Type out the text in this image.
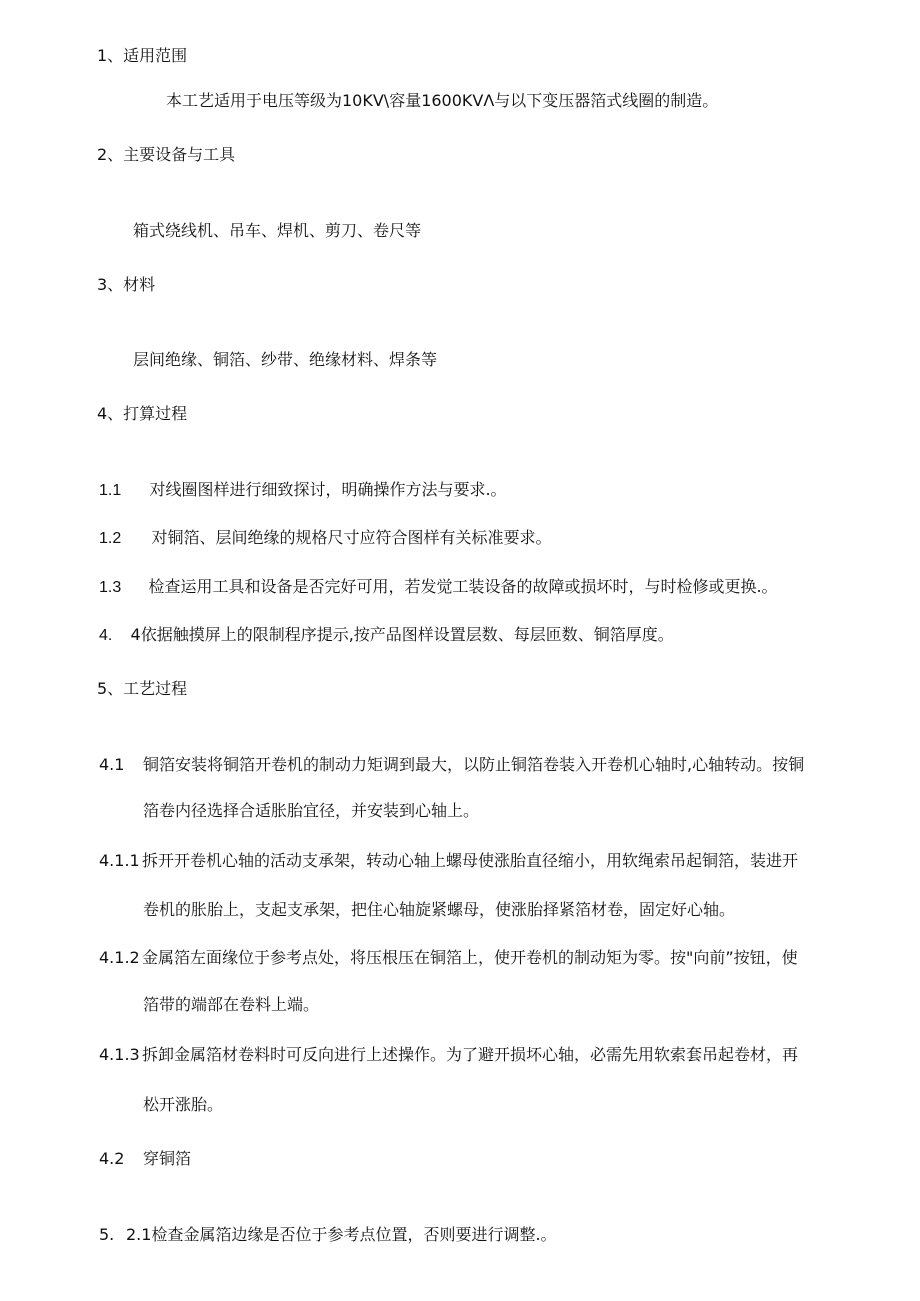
1、适用范围
本工艺适用于电压等级为10KV\容量1600KVΛ与以下变压器箔式线圈的制造。
2、主要设备与工具
箱式绕线机、吊车、焊机、剪刀、卷尺等
3、材料
层间绝缘、铜箔、纱带、绝缘材料、焊条等
4、打算过程
1.1 对线圈图样进行细致探讨，明确操作方法与要求.。
1.2 对铜箔、层间绝缘的规格尺寸应符合图样有关标准要求。
1.3 检查运用工具和设备是否完好可用，若发觉工装设备的故障或损坏时，与时检修或更换.。
4. 4依据触摸屏上的限制程序提示,按产品图样设置层数、每层匝数、铜箔厚度。
5、工艺过程
4.1 铜箔安装将铜箔开卷机的制动力矩调到最大，以防止铜箔卷装入开卷机心轴时,心轴转动。按铜
箔卷内径选择合适胀胎宜径，并安装到心轴上。
4.1.1 拆开开卷机心轴的活动支承架，转动心轴上螺母使涨胎直径缩小，用软绳索吊起铜箔，装进开
卷机的胀胎上，支起支承架，把住心轴旋紧螺母，使涨胎择紧箔材卷，固定好心轴。
4.1.2 金属箔左面缘位于参考点处，将压根压在铜箔上，使开卷机的制动矩为零。按"向前”按钮，使
箔带的端部在卷料上端。
4.1.3 拆卸金属箔材卷料时可反向进行上述操作。为了避开损坏心轴，必需先用软索套吊起卷材，再
松开涨胎。
4.2 穿铜箔
5. 2.1检查金属箔边缘是否位于参考点位置，否则要进行调整.。
